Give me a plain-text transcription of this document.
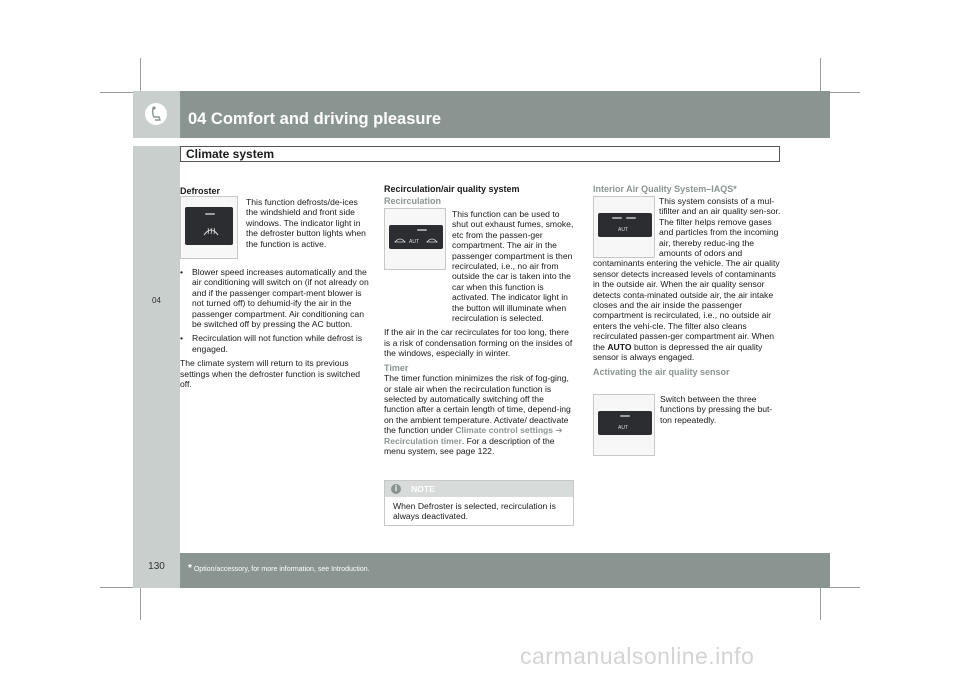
04 Comfort and driving pleasure
Climate system
04
Defroster

This function defrosts/de-ices the windshield and front side windows. The indicator light in the defroster button lights when the function is active.

•	Blower speed increases automatically and the air conditioning will switch on (if not already on and if the passenger compart-ment blower is not turned off) to dehumid-ify the air in the passenger compartment. Air conditioning can be switched off by pressing the AC button.
•	Recirculation will not function while defrost is engaged.

The climate system will return to its previous settings when the defroster function is switched off.

Recirculation/air quality system
Recirculation
AUT

This function can be used to shut out exhaust fumes, smoke, etc from the passen-ger compartment. The air in the passenger compartment is then recirculated, i.e., no air from outside the car is taken into the car when this function is activated. The indicator light in the button will illuminate when recirculation is selected.

If the air in the car recirculates for too long, there is a risk of condensation forming on the insides of the windows, especially in winter.

Timer

The timer function minimizes the risk of fog-ging, or stale air when the recirculation function is selected by automatically switching off the function after a certain length of time, depend-ing on the ambient temperature. Activate/ deactivate the function under Climate control settings ➔ Recirculation timer. For a description of the menu system, see page 122.

i	NOTE
When Defroster is selected, recirculation is always deactivated.
Interior Air Quality System–IAQS*
AUT

This system consists of a mul-tifilter and an air quality sen-sor. The filter helps remove gases and particles from the incoming air, thereby reduc-ing the amounts of odors and contaminants entering the vehicle. The air quality sensor detects increased levels of contaminants in the outside air. When the air quality sensor detects conta-minated outside air, the air intake closes and the air inside the passenger compartment is recirculated, i.e., no outside air enters the vehi-cle. The filter also cleans recirculated passen-ger compartment air. When the AUTO button is depressed the air quality sensor is always engaged.

Activating the air quality sensor
AUT

Switch between the three functions by pressing the but-ton repeatedly.

130	* Option/accessory, for more information, see Introduction.
carmanualsonline.info
